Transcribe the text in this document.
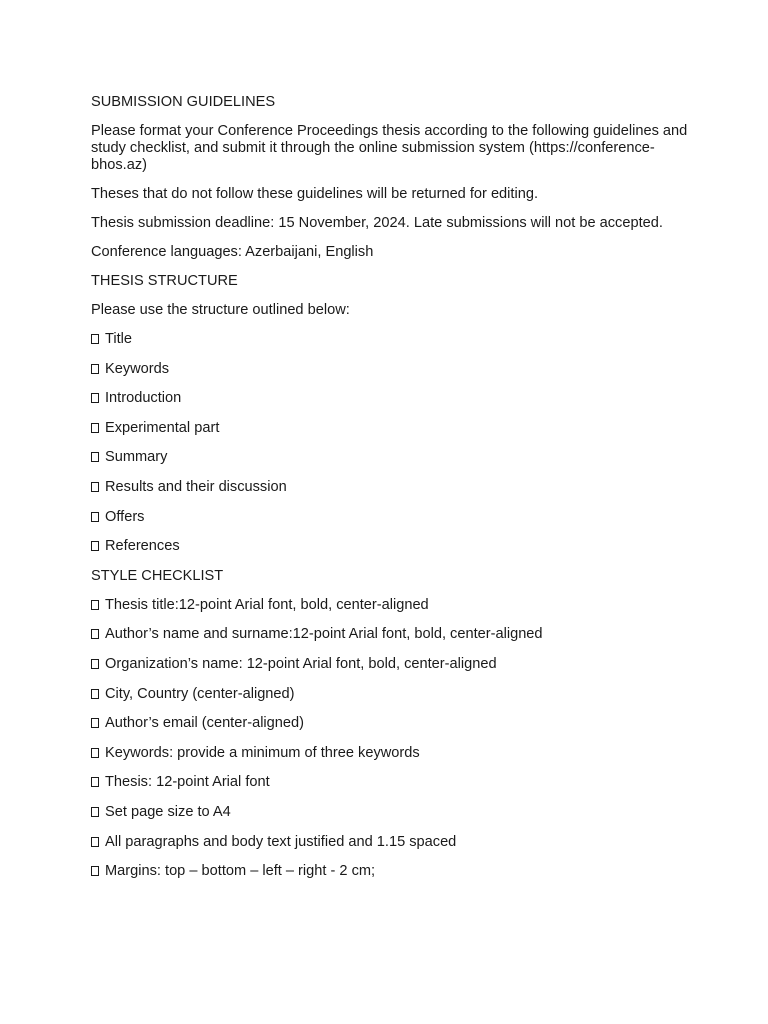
SUBMISSION GUIDELINES
Please format your Conference Proceedings thesis according to the following guidelines and study checklist, and submit it through the online submission system (https://conference-bhos.az)
Theses that do not follow these guidelines will be returned for editing.
Thesis submission deadline: 15 November, 2024. Late submissions will not be accepted.
Conference languages: Azerbaijani, English
THESIS STRUCTURE
Please use the structure outlined below:
Title
Keywords
Introduction
Experimental part
Summary
Results and their discussion
Offers
References
STYLE CHECKLIST
Thesis title:12-point Arial font, bold, center-aligned
Author’s name and surname:12-point Arial font, bold, center-aligned
Organization’s name: 12-point Arial font, bold, center-aligned
City, Country (center-aligned)
Author’s email (center-aligned)
Keywords: provide a minimum of three keywords
Thesis: 12-point Arial font
Set page size to A4
All paragraphs and body text justified and 1.15 spaced
Margins: top – bottom – left – right - 2 cm;
